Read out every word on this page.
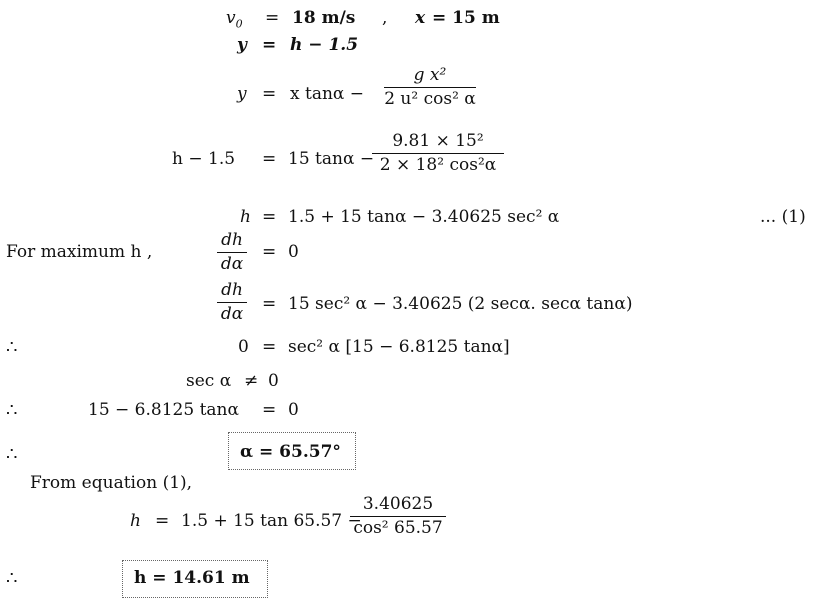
$v_0 = 18$ m/s , x = 15 m
y = h − 1.5
y = x tanα −
g x²
2 u² cos² α
h − 1.5 = 15 tanα −
9.81 × 15²
2 × 18² cos²α
h = 1.5 + 15 tanα − 3.40625 sec² α	... (1)
For maximum h ,
dh
dα
= 0
dh
dα = 15 sec² α − 3.40625 (2 secα. secα tanα)
∴	0 = sec² α [15 − 6.8125 tanα]
sec α ≠ 0
∴	15 − 6.8125 tanα = 0
∴	α = 65.57°
From equation (1),
h = 1.5 + 15 tan 65.57 −
3.40625
cos² 65.57
∴	h = 14.61 m
